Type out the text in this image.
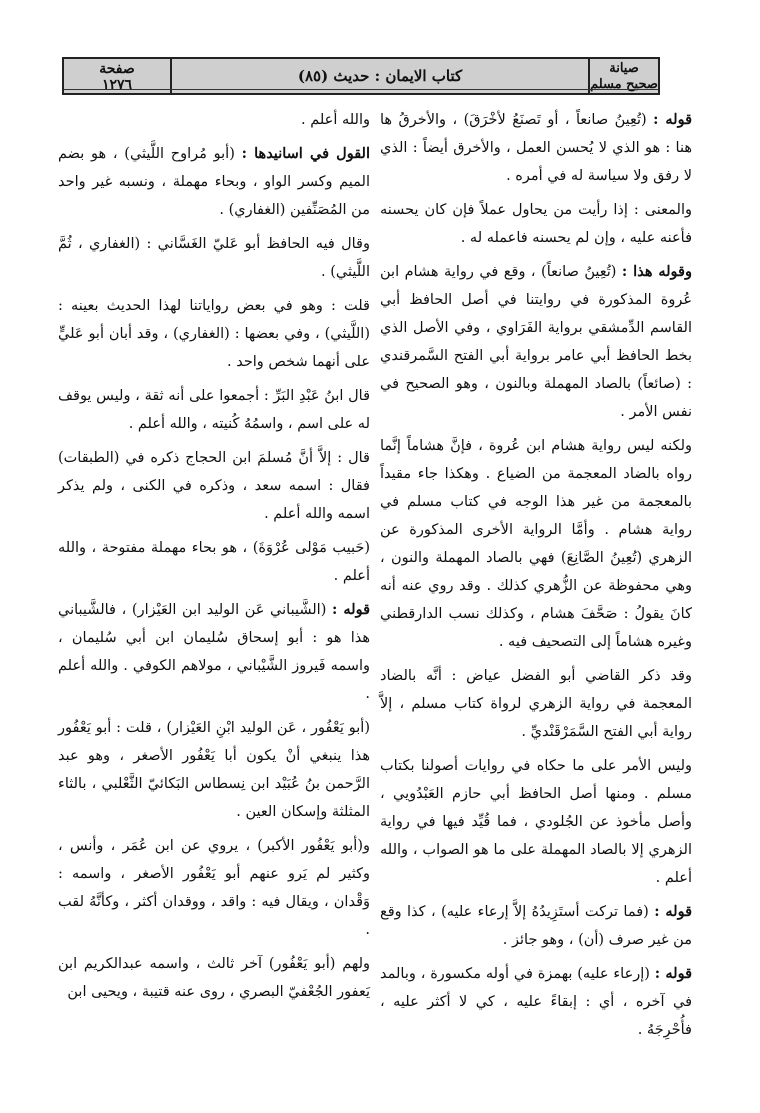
صيانة
صحيح مسلم
كتاب الايمان : حديث (٨٥)
صفحة
١٢٧٦

قوله : (تُعِينُ صانعاً ، أو تَصنَعُ لأخْرَقَ) ، والأخرقُ ها هنا : هو الذي لا يُحسن العمل ، والأخرق أيضاً : الذي لا رفق ولا سياسة له في أمره .

والمعنى : إذا رأيت من يحاول عملاً فإن كان يحسنه فأعنه عليه ، وإن لم يحسنه فاعمله له .

وقوله هذا : (تُعِينُ صانعاً) ، وقع في رواية هشام ابن عُروة المذكورة في روايتنا في أصل الحافظ أبي القاسم الدِّمشقي برواية الفَرَاوي ، وفي الأصل الذي بخط الحافظ أبي عامر برواية أبي الفتح السَّمرقندي : (صائعاً) بالصاد المهملة وبالنون ، وهو الصحيح في نفس الأمر .

ولكنه ليس رواية هشام ابن عُروة ، فإنَّ هشاماً إنَّما رواه بالضاد المعجمة من الضياع . وهكذا جاء مقيداً بالمعجمة من غير هذا الوجه في كتاب مسلم في رواية هشام . وأمَّا الرواية الأخرى المذكورة عن الزهري (تُعِينُ الصَّانِعَ) فهي بالصاد المهملة والنون ، وهي محفوظة عن الزُّهري كذلك . وقد روي عنه أنه كانَ يقولُ : صَحَّفَ هشام ، وكذلك نسب الدارقطني وغيره هشاماً إلى التصحيف فيه .

وقد ذكر القاضي أبو الفضل عياض : أنَّه بالضاد المعجمة في رواية الزهري لرواة كتاب مسلم ، إلاَّ رواية أبي الفتح السَّمَرْقَنْديِّ .

وليس الأمر على ما حكاه في روايات أصولنا بكتاب مسلم . ومنها أصل الحافظ أبي حازم العَبْدُويي ، وأصل مأخوذ عن الجُلودي ، فما قُيِّد فيها في رواية الزهري إلا بالصاد المهملة على ما هو الصواب ، والله أعلم .

قوله : (فما تركت أستَزِيدُهُ إلاَّ إرعاء عليه) ، كذا وقع من غير صرف (أن) ، وهو جائز .

قوله : (إرعاء عليه) بهمزة في أوله مكسورة ، وبالمد في آخره ، أي : إبقاءً عليه ، كي لا أكثر عليه ، فأُحْرِجَهُ .

والله أعلم .

القول في اسانيدها : (أبو مُراوح اللَّيثي) ، هو بضم الميم وكسر الواو ، وبحاء مهملة ، ونسبه غير واحد من المُصَنِّفين (الغفاري) .

وقال فيه الحافظ أبو عَليّ الغَسَّاني : (الغفاري ، ثُمَّ اللَّيثي) .

قلت : وهو في بعض رواياتنا لهذا الحديث بعينه : (اللَّيثي) ، وفي بعضها : (الغفاري) ، وقد أبان أبو عَليٍّ على أنهما شخص واحد .

قال ابنُ عَبْدِ البَرِّ : أجمعوا على أنه ثقة ، وليس يوقف له على اسم ، واسمُهُ كُنيته ، والله أعلم .

قال : إلاَّ أنَّ مُسلمَ ابن الحجاج ذكره في (الطبقات) فقال : اسمه سعد ، وذكره في الكنى ، ولم يذكر اسمه والله أعلم .

(حَبيب مَوْلى عُرْوَةَ) ، هو بحاء مهملة مفتوحة ، والله أعلم .

قوله : (الشَّيباني عَن الوليد ابن العَيْزار) ، فالشَّيباني هذا هو : أبو إسحاق سُليمان ابن أبي سُليمان ، واسمه فَيروز الشَّيْباني ، مولاهم الكوفي . والله أعلم .

(أبو يَعْفُور ، عَن الوليد ابْنِ العَيْزار) ، قلت : أبو يَعْفُور هذا ينبغي أنْ يكون أبا يَعْفُور الأصغر ، وهو عبد الرَّحمن بنُ عُبَيْد ابن نِسطاس البَكائيّ الثَّعْلبي ، بالثاء المثلثة وإسكان العين .

و(أبو يَعْفُور الأكبر) ، يروي عن ابن عُمَر ، وأنس ، وكثير لم يَرو عنهم أبو يَعْفُور الأصغر ، واسمه : وَقْدان ، ويقال فيه : واقد ، ووقدان أكثر ، وكأنَّهُ لقب .

ولهم (أبو يَعْفُور) آخر ثالث ، واسمه عبدالكريم ابن يَعفور الجُعْفيّ البصري ، روى عنه قتيبة ، ويحيى ابن
